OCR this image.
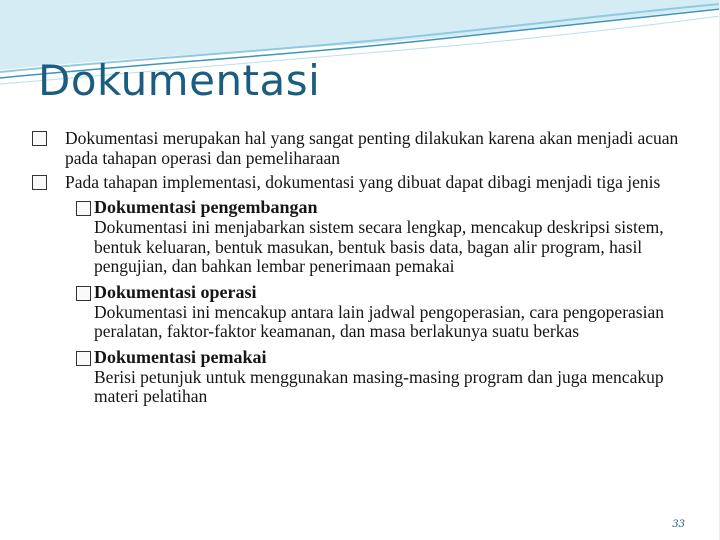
Dokumentasi
Dokumentasi merupakan hal yang sangat penting dilakukan karena akan menjadi acuan pada tahapan operasi dan pemeliharaan
Pada tahapan implementasi, dokumentasi yang dibuat dapat dibagi menjadi tiga jenis
Dokumentasi pengembangan
Dokumentasi ini menjabarkan sistem secara lengkap, mencakup deskripsi sistem, bentuk keluaran, bentuk masukan, bentuk basis data, bagan alir program, hasil pengujian, dan bahkan lembar penerimaan pemakai
Dokumentasi operasi
Dokumentasi ini mencakup antara lain jadwal pengoperasian, cara pengoperasian peralatan, faktor-faktor keamanan, dan masa berlakunya suatu berkas
Dokumentasi pemakai
Berisi petunjuk untuk menggunakan masing-masing program dan juga mencakup materi pelatihan
33
